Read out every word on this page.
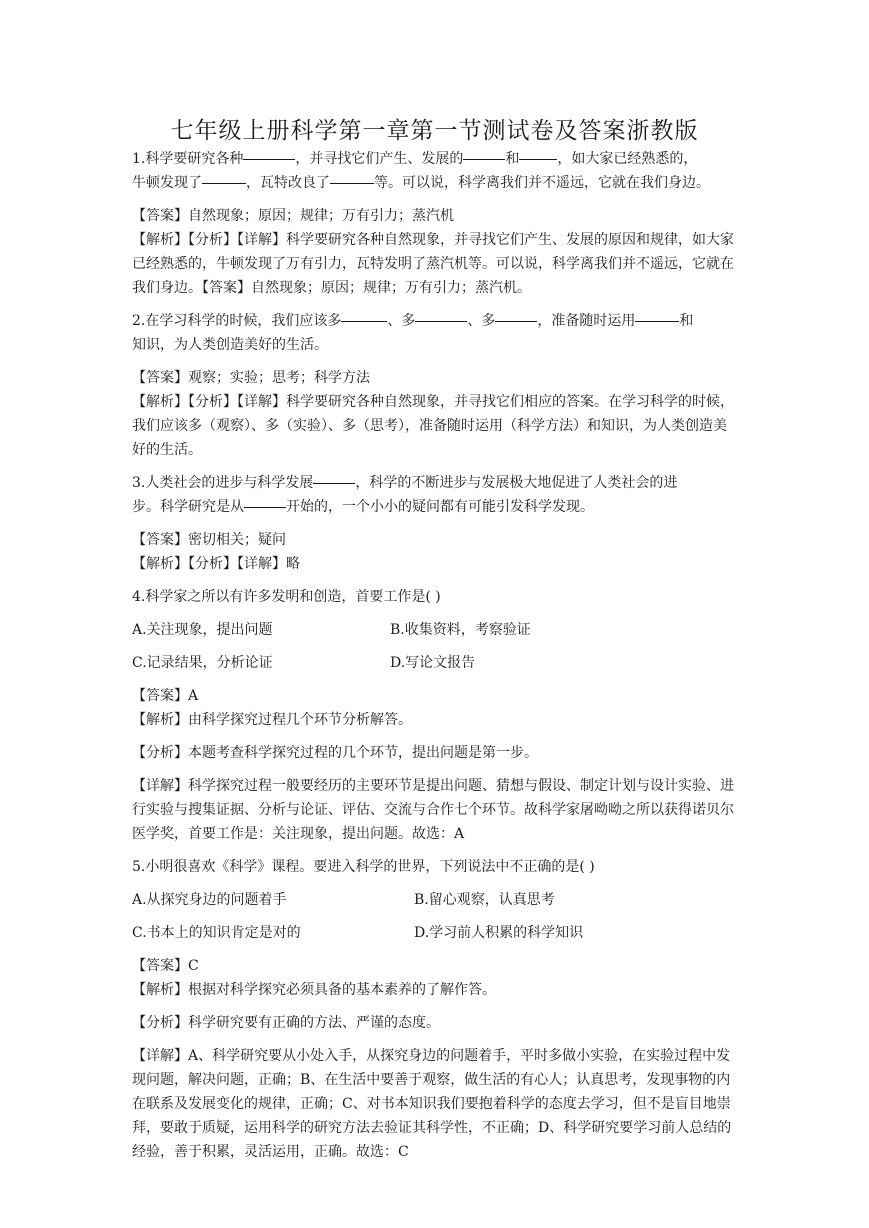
七年级上册科学第一章第一节测试卷及答案浙教版

1.科学要研究各种	，并寻找它们产生、发展的	和	，如大家已经熟悉的，
牛顿发现了	，瓦特改良了	等。可以说，科学离我们并不遥远，它就在我们身边。

【答案】自然现象；原因；规律；万有引力；蒸汽机

【解析】【分析】【详解】科学要研究各种自然现象，并寻找它们产生、发展的原因和规律，如大家已经熟悉的，牛顿发现了万有引力，瓦特发明了蒸汽机等。可以说，科学离我们并不遥远，它就在我们身边。【答案】自然现象；原因；规律；万有引力；蒸汽机。

2.在学习科学的时候，我们应该多	、多	、多	，准备随时运用	和
知识，为人类创造美好的生活。

【答案】观察；实验；思考；科学方法

【解析】【分析】【详解】科学要研究各种自然现象，并寻找它们相应的答案。在学习科学的时候，我们应该多（观察）、多（实验）、多（思考），准备随时运用（科学方法）和知识，为人类创造美好的生活。

3.人类社会的进步与科学发展	，科学的不断进步与发展极大地促进了人类社会的进
步。科学研究是从	开始的，一个小小的疑问都有可能引发科学发现。

【答案】密切相关；疑问

【解析】【分析】【详解】略

4.科学家之所以有许多发明和创造，首要工作是( )

A.关注现象，提出问题	B.收集资料，考察验证
C.记录结果，分析论证	D.写论文报告

【答案】A

【解析】由科学探究过程几个环节分析解答。

【分析】本题考查科学探究过程的几个环节，提出问题是第一步。

【详解】科学探究过程一般要经历的主要环节是提出问题、猜想与假设、制定计划与设计实验、进行实验与搜集证据、分析与论证、评估、交流与合作七个环节。故科学家屠呦呦之所以获得诺贝尔医学奖，首要工作是：关注现象，提出问题。故选：A

5.小明很喜欢《科学》课程。要进入科学的世界，下列说法中不正确的是( )

A.从探究身边的问题着手	B.留心观察，认真思考
C.书本上的知识肯定是对的	D.学习前人积累的科学知识

【答案】C

【解析】根据对科学探究必须具备的基本素养的了解作答。

【分析】科学研究要有正确的方法、严谨的态度。

【详解】A、科学研究要从小处入手，从探究身边的问题着手，平时多做小实验，在实验过程中发现问题，解决问题，正确；B、在生活中要善于观察，做生活的有心人；认真思考，发现事物的内在联系及发展变化的规律，正确；C、对书本知识我们要抱着科学的态度去学习，但不是盲目地崇拜，要敢于质疑，运用科学的研究方法去验证其科学性，不正确；D、科学研究要学习前人总结的经验，善于积累，灵活运用，正确。故选：C
